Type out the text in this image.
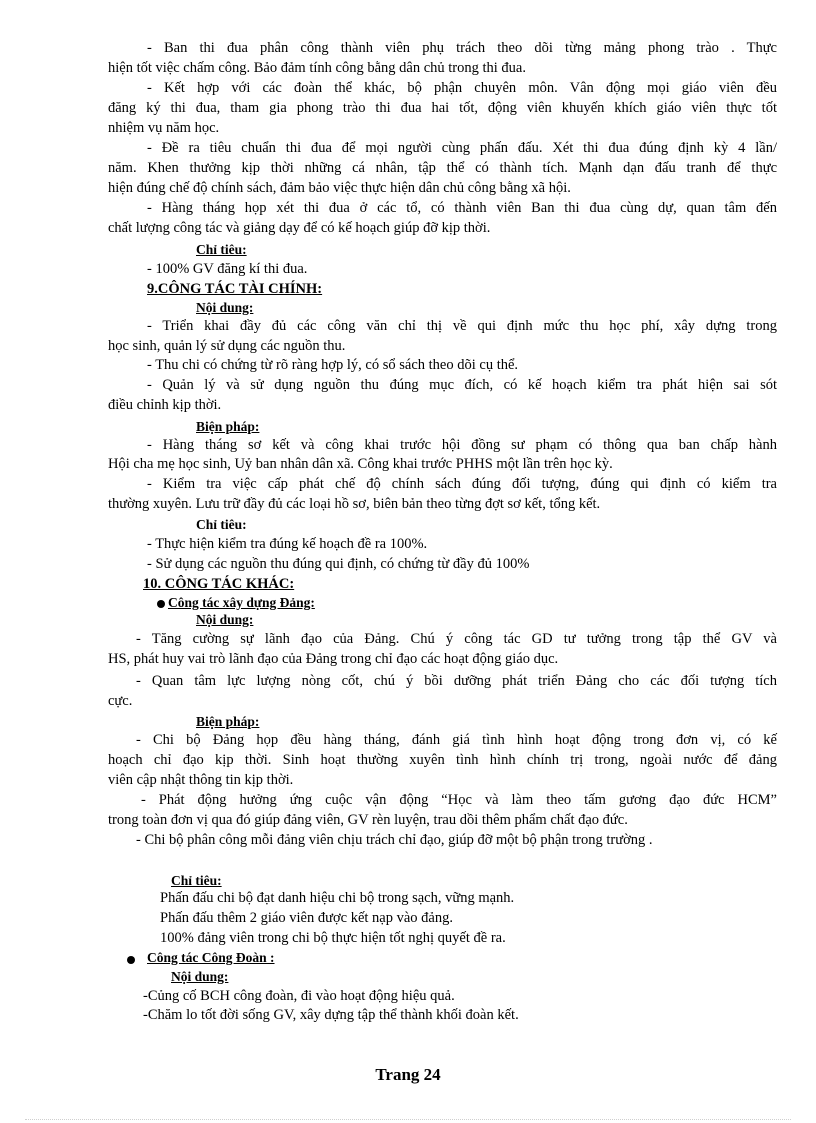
- Ban thi đua phân công thành viên phụ trách theo dõi từng mảng phong trào . Thực
hiện tốt việc chấm công. Bảo đảm tính công bằng dân chủ trong thi đua.
- Kết hợp với các đoàn thể khác, bộ phận chuyên môn. Vân động mọi giáo viên đều
đăng ký thi đua, tham gia phong trào thi đua hai tốt, động viên khuyến khích giáo viên thực tốt
nhiệm vụ năm học.
- Đề ra tiêu chuẩn thi đua để mọi người cùng phấn đấu. Xét thi đua đúng định kỳ 4 lần/
năm. Khen thưởng kịp thời những cá nhân, tập thể có thành tích. Mạnh dạn đấu tranh để thực
hiện đúng chế độ chính sách, đảm bảo việc thực hiện dân chủ công bằng xã hội.
- Hàng tháng họp xét thi đua ở các tổ, có thành viên Ban thi đua cùng dự, quan tâm đến
chất lượng công tác và giảng dạy để có kế hoạch giúp đỡ kịp thời.
Chỉ tiêu:
- 100% GV đăng kí thi đua.
9.CÔNG TÁC TÀI CHÍNH:
Nội dung:
- Triển khai đầy đủ các công văn chỉ thị về qui định mức thu học phí, xây dựng trong
học sinh, quản lý sử dụng các nguồn thu.
- Thu chi có chứng từ rõ ràng hợp lý, có sổ sách theo dõi cụ thể.
- Quản lý và sử dụng nguồn thu đúng mục đích, có kế hoạch kiểm tra phát hiện sai sót
điều chỉnh kịp thời.
Biện pháp:
- Hàng tháng sơ kết và công khai trước hội đồng sư phạm có thông qua ban chấp hành
Hội cha mẹ học sinh, Uỷ ban nhân dân xã. Công khai trước PHHS một lần trên học kỳ.
- Kiểm tra việc cấp phát chế độ chính sách đúng đối tượng, đúng qui định có kiểm tra
thường xuyên. Lưu trữ đầy đủ các loại hồ sơ, biên bản theo từng đợt sơ kết, tổng kết.
Chỉ tiêu:
- Thực hiện kiểm tra đúng kế hoạch đề ra 100%.
- Sử dụng các nguồn thu đúng qui định, có chứng từ đầy đủ 100%
10. CÔNG TÁC KHÁC:
Công tác xây dựng Đảng:
Nội dung:
- Tăng cường sự lãnh đạo của Đảng. Chú ý công tác GD tư tưởng trong tập thể GV và
HS, phát huy vai trò lãnh đạo của Đảng trong chỉ đạo các hoạt động giáo dục.
- Quan tâm lực lượng nòng cốt, chú ý bồi dưỡng phát triển Đảng cho các đối tượng tích
cực.
Biện pháp:
- Chi bộ Đảng họp đều hàng tháng, đánh giá tình hình hoạt động trong đơn vị, có kế
hoạch chỉ đạo kịp thời. Sinh hoạt thường xuyên tình hình chính trị trong, ngoài nước để đảng
viên cập nhật thông tin kịp thời.
- Phát động hưởng ứng cuộc vận động “Học và làm theo tấm gương đạo đức HCM”
trong toàn đơn vị qua đó giúp đảng viên, GV rèn luyện, trau dồi thêm phẩm chất đạo đức.
- Chi bộ phân công mỗi đảng viên chịu trách chỉ đạo, giúp đỡ một bộ phận trong trường .
Chỉ tiêu:
Phấn đấu chi bộ đạt danh hiệu chi bộ trong sạch, vững mạnh.
Phấn đấu thêm 2 giáo viên được kết nạp vào đảng.
100% đảng viên trong chi bộ thực hiện tốt nghị quyết đề ra.
Công tác Công Đoàn :
Nội dung:
-Củng cố BCH công đoàn, đi vào hoạt động hiệu quả.
-Chăm lo tốt đời sống GV, xây dựng tập thể thành khối đoàn kết.
Trang 24
